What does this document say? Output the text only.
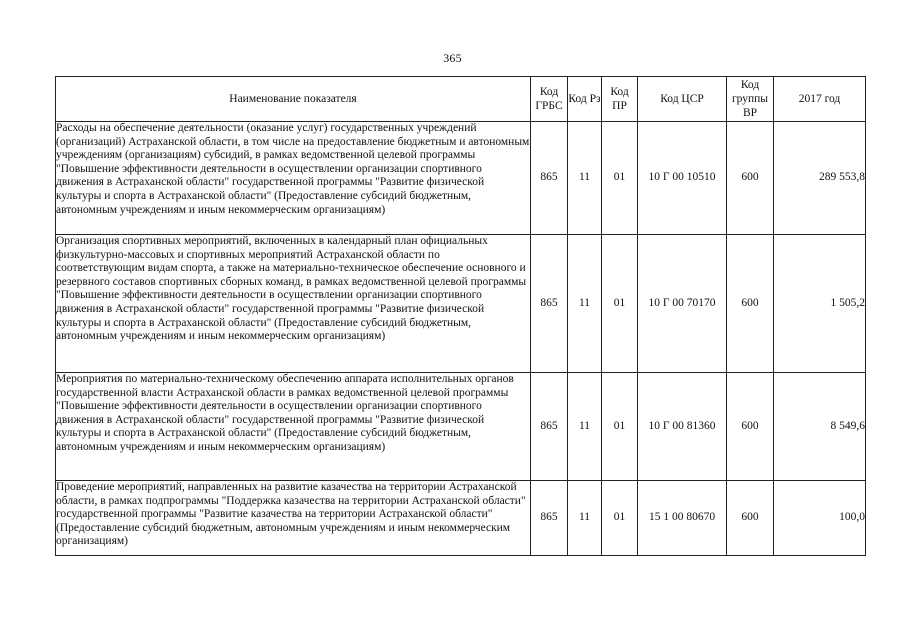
365
Наименование показателя	Код ГРБС	Код Рз	Код ПР	Код ЦСР	Код группы ВР	2017 год
Расходы на обеспечение деятельности (оказание услуг) государственных учреждений (организаций) Астраханской области, в том числе на предоставление бюджетным и автономным учреждениям (организациям) субсидий, в рамках ведомственной целевой программы "Повышение эффективности деятельности в осуществлении организации спортивного движения в Астраханской области" государственной программы "Развитие физической культуры и спорта в Астраханской области" (Предоставление субсидий бюджетным, автономным учреждениям и иным некоммерческим организациям)	865	11	01	10 Г 00 10510	600	289 553,8
Организация спортивных мероприятий, включенных в календарный план официальных физкультурно-массовых и спортивных мероприятий Астраханской области по соответствующим видам спорта, а также на материально-техническое обеспечение основного и резервного составов спортивных сборных команд, в рамках ведомственной целевой программы "Повышение эффективности деятельности в осуществлении организации спортивного движения в Астраханской области" государственной программы "Развитие физической культуры и спорта в Астраханской области" (Предоставление субсидий бюджетным, автономным учреждениям и иным некоммерческим организациям)	865	11	01	10 Г 00 70170	600	1 505,2
Мероприятия по материально-техническому обеспечению аппарата исполнительных органов государственной власти Астраханской области в рамках ведомственной целевой программы "Повышение эффективности деятельности в осуществлении организации спортивного движения в Астраханской области" государственной программы "Развитие физической культуры и спорта в Астраханской области" (Предоставление субсидий бюджетным, автономным учреждениям и иным некоммерческим организациям)	865	11	01	10 Г 00 81360	600	8 549,6
Проведение мероприятий, направленных на развитие казачества на территории Астраханской области, в рамках подпрограммы "Поддержка казачества на территории Астраханской области" государственной программы "Развитие казачества на территории Астраханской области" (Предоставление субсидий бюджетным, автономным учреждениям и иным некоммерческим организациям)	865	11	01	15 1 00 80670	600	100,0
